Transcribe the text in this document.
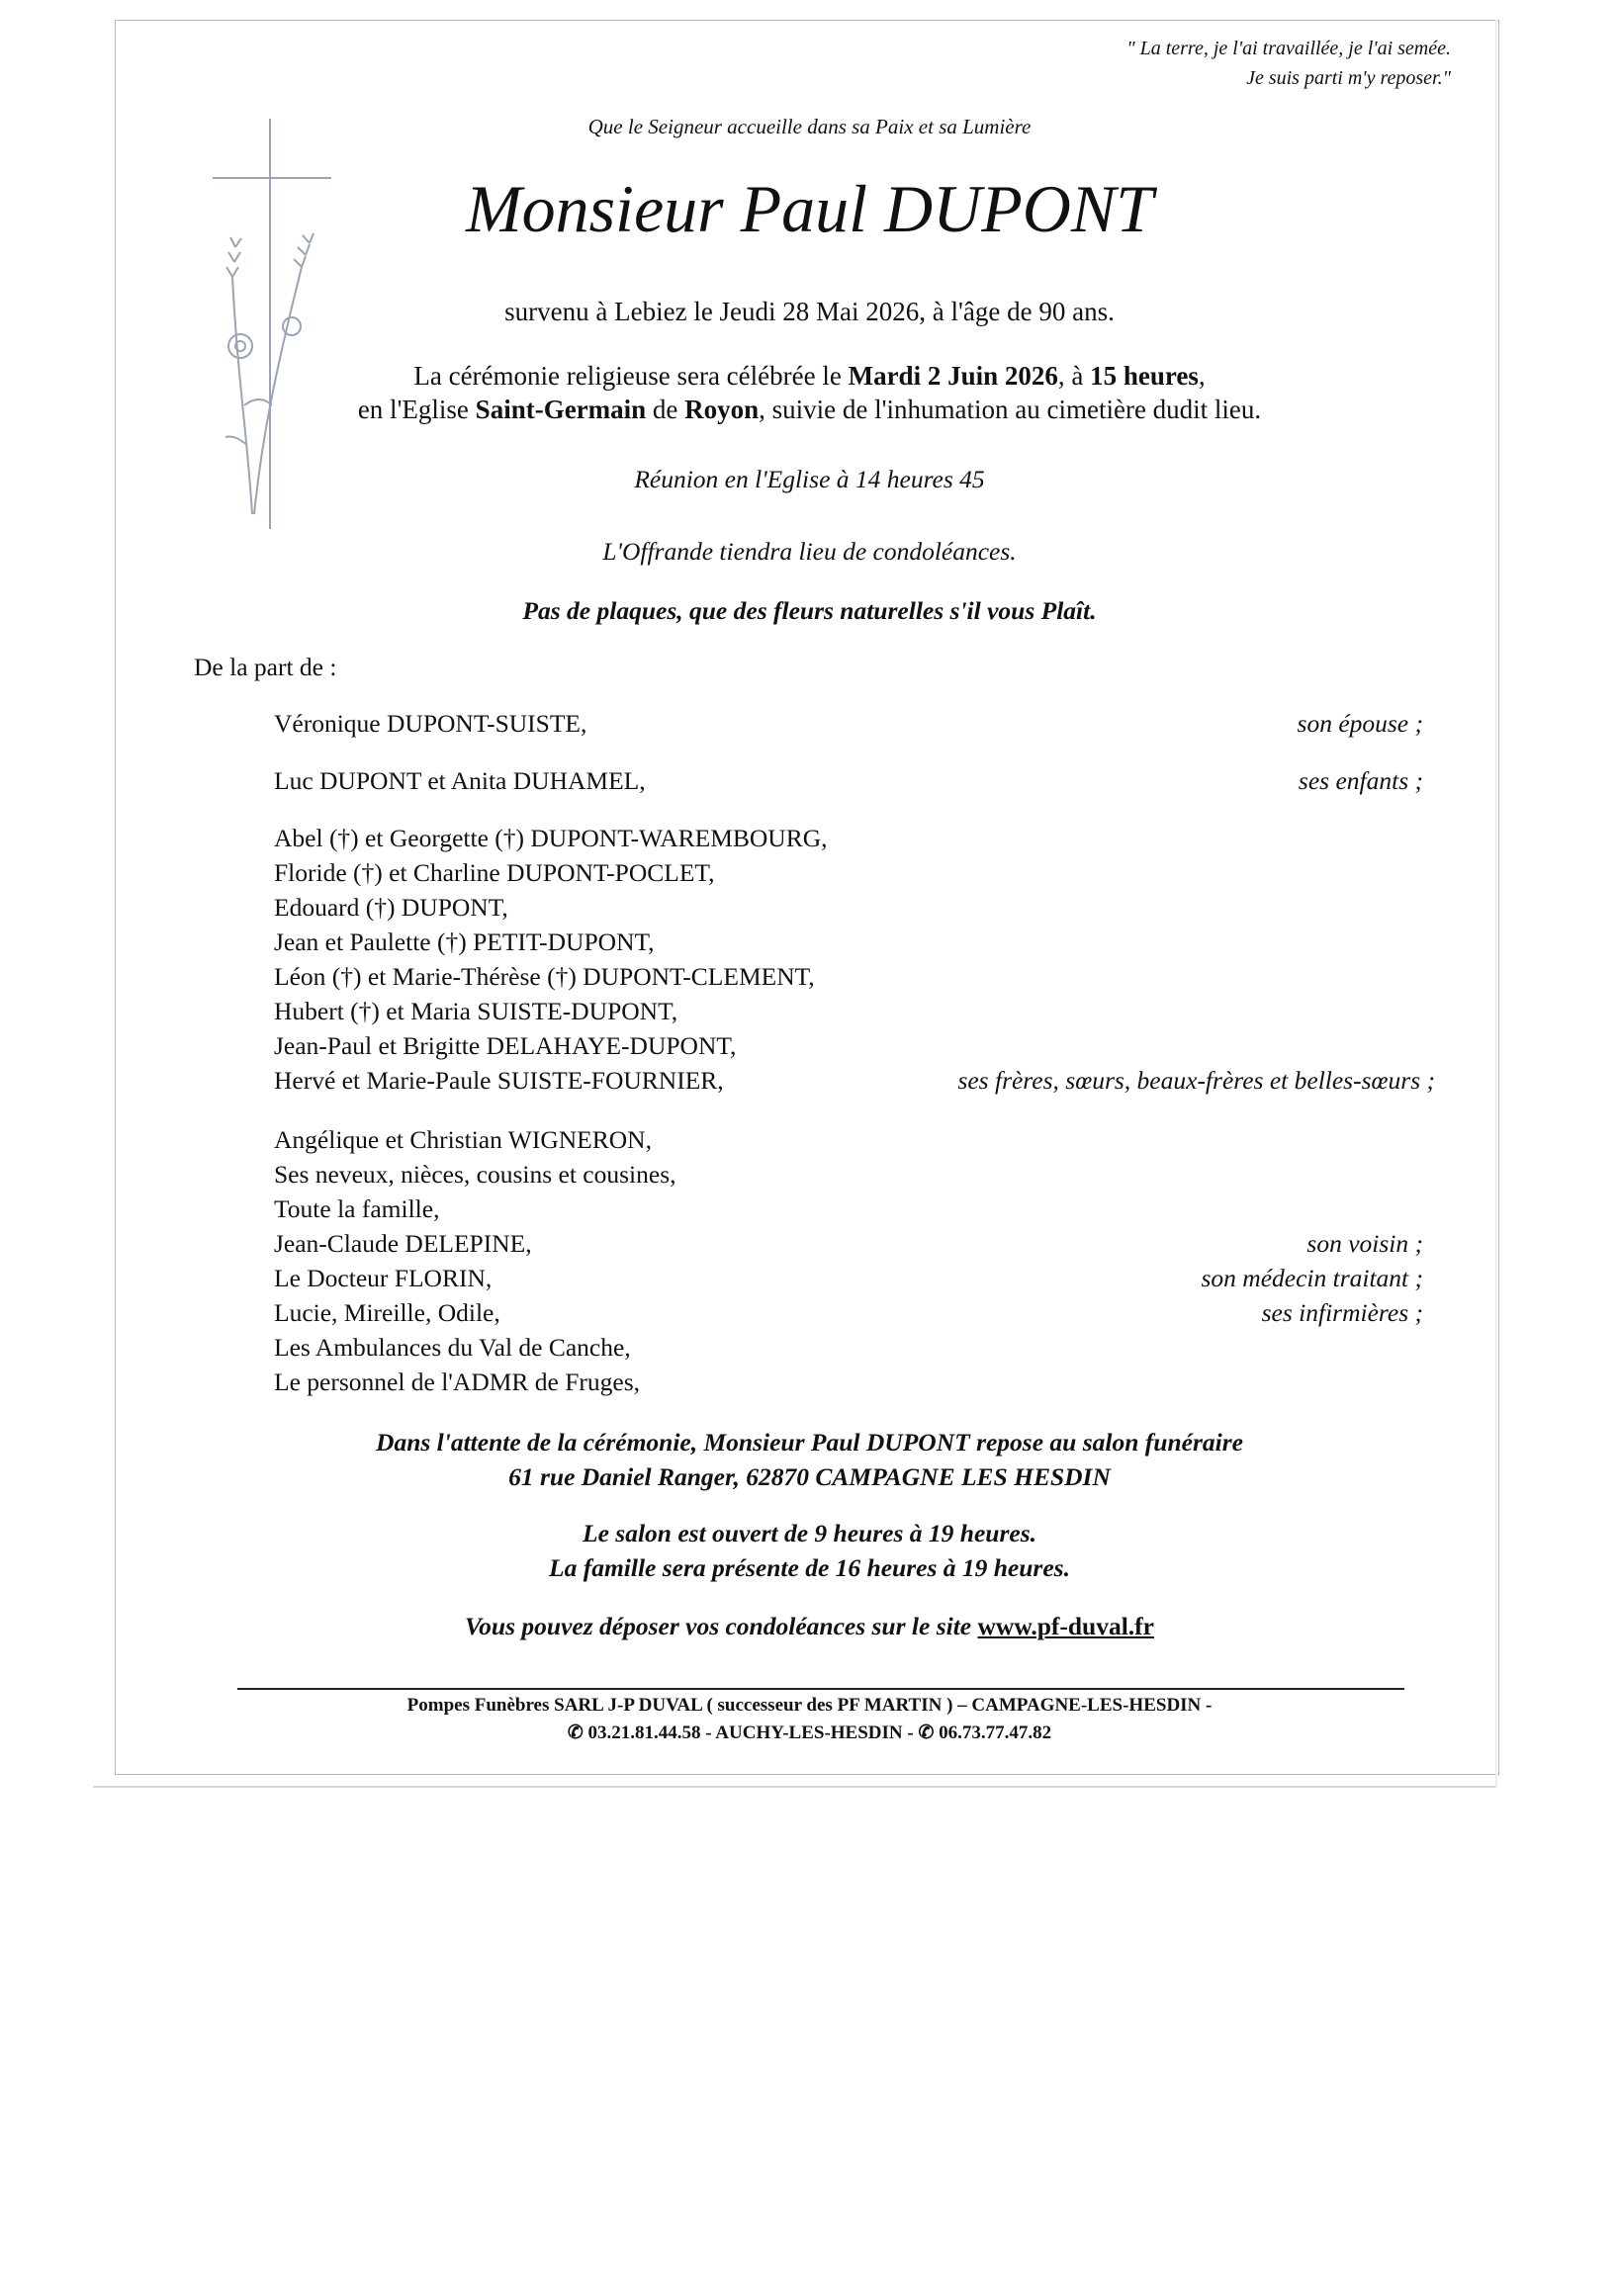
" La terre, je l'ai travaillée, je l'ai semée.
Je suis parti m'y reposer."
Que le Seigneur accueille dans sa Paix et sa Lumière
Monsieur Paul DUPONT
survenu à Lebiez le Jeudi 28 Mai 2026, à l'âge de 90 ans.
La cérémonie religieuse sera célébrée le Mardi 2 Juin 2026, à 15 heures,
en l'Eglise Saint-Germain de Royon, suivie de l'inhumation au cimetière dudit lieu.
Réunion en l'Eglise à 14 heures 45
L'Offrande tiendra lieu de condoléances.
Pas de plaques, que des fleurs naturelles s'il vous Plaît.
De la part de :
Véronique DUPONT-SUISTE,	son épouse ;
Luc DUPONT et Anita DUHAMEL,	ses enfants ;
Abel (†) et Georgette (†) DUPONT-WAREMBOURG,
Floride (†) et Charline DUPONT-POCLET,
Edouard (†) DUPONT,
Jean et Paulette (†) PETIT-DUPONT,
Léon (†) et Marie-Thérèse (†) DUPONT-CLEMENT,
Hubert (†) et Maria SUISTE-DUPONT,
Jean-Paul et Brigitte DELAHAYE-DUPONT,
Hervé et Marie-Paule SUISTE-FOURNIER,	ses frères, sœurs, beaux-frères et belles-sœurs ;
Angélique et Christian WIGNERON,
Ses neveux, nièces, cousins et cousines,
Toute la famille,
Jean-Claude DELEPINE,	son voisin ;
Le Docteur FLORIN,	son médecin traitant ;
Lucie, Mireille, Odile,	ses infirmières ;
Les Ambulances du Val de Canche,
Le personnel de l'ADMR de Fruges,
Dans l'attente de la cérémonie, Monsieur Paul DUPONT repose au salon funéraire
61 rue Daniel Ranger, 62870 CAMPAGNE LES HESDIN
Le salon est ouvert de 9 heures à 19 heures.
La famille sera présente de 16 heures à 19 heures.
Vous pouvez déposer vos condoléances sur le site www.pf-duval.fr
Pompes Funèbres SARL J-P DUVAL ( successeur des PF MARTIN ) – CAMPAGNE-LES-HESDIN -
✆ 03.21.81.44.58 - AUCHY-LES-HESDIN - ✆ 06.73.77.47.82
